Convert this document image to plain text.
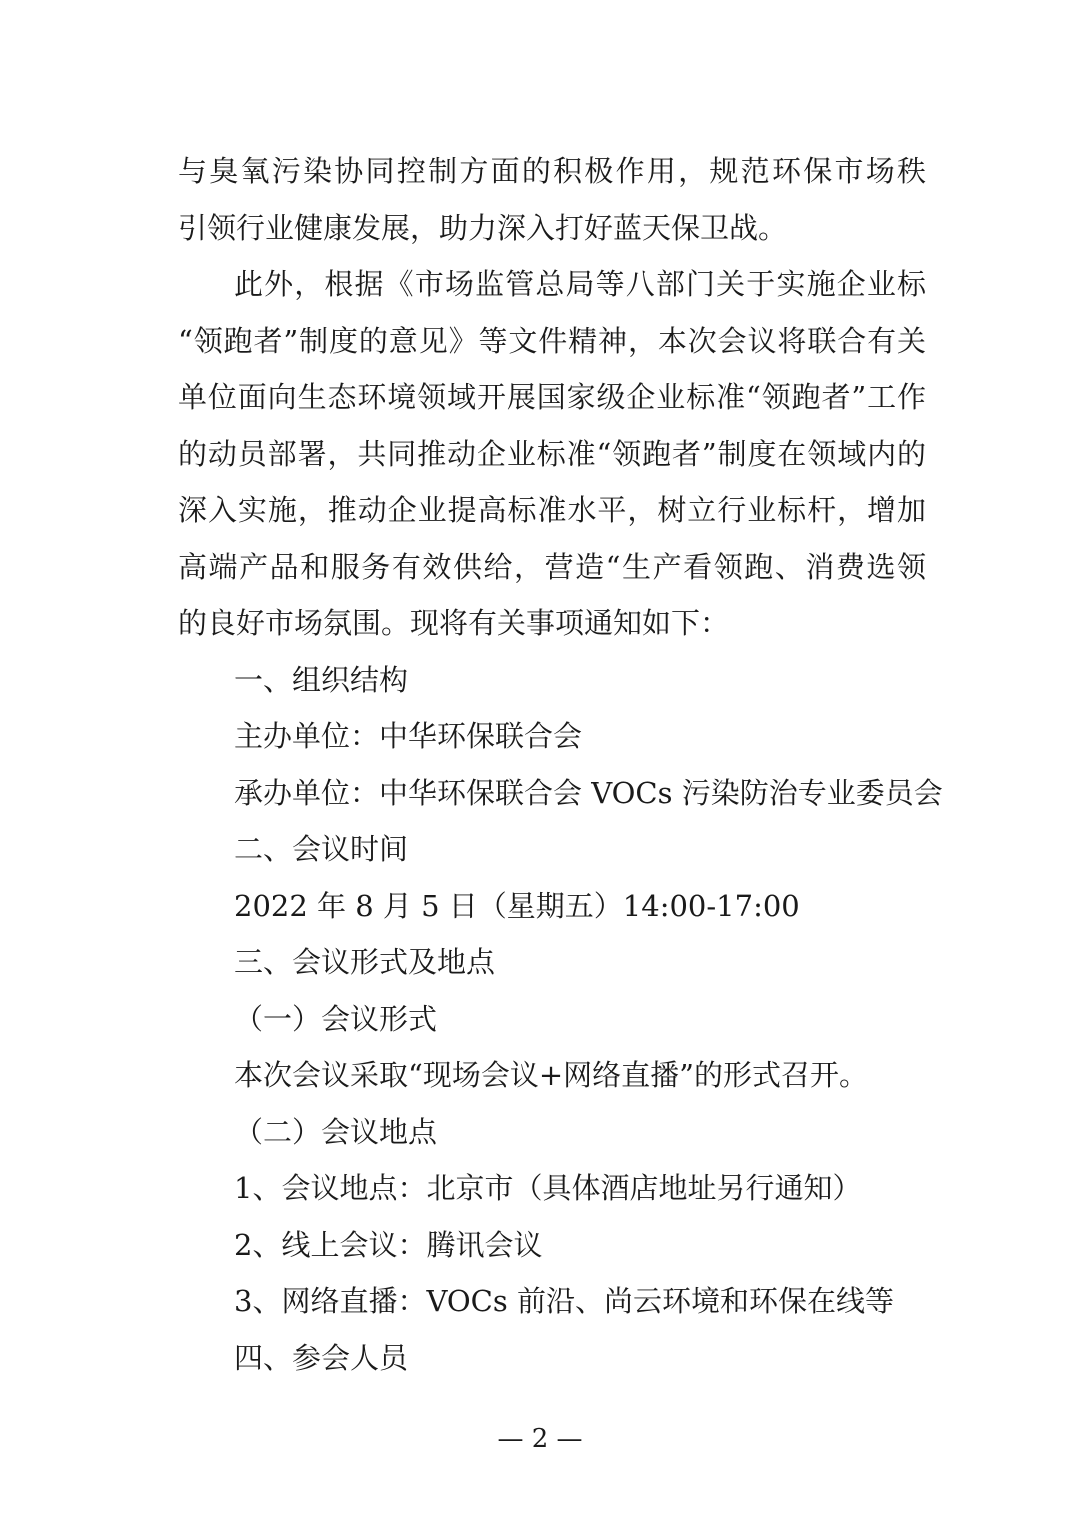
与臭氧污染协同控制方面的积极作用，规范环保市场秩
引领行业健康发展，助力深入打好蓝天保卫战。
此外，根据《市场监管总局等八部门关于实施企业标
“领跑者”制度的意见》等文件精神，本次会议将联合有关
单位面向生态环境领域开展国家级企业标准“领跑者”工作
的动员部署，共同推动企业标准“领跑者”制度在领域内的
深入实施，推动企业提高标准水平，树立行业标杆，增加
高端产品和服务有效供给，营造“生产看领跑、消费选领
的良好市场氛围。现将有关事项通知如下：
一、组织结构
主办单位：中华环保联合会
承办单位：中华环保联合会 VOCs 污染防治专业委员会
二、会议时间
2022 年 8 月 5 日（星期五）14:00-17:00
三、会议形式及地点
（一）会议形式
本次会议采取“现场会议+网络直播”的形式召开。
（二）会议地点
1、会议地点：北京市（具体酒店地址另行通知）
2、线上会议：腾讯会议
3、网络直播：VOCs 前沿、尚云环境和环保在线等
四、参会人员
— 2 —
